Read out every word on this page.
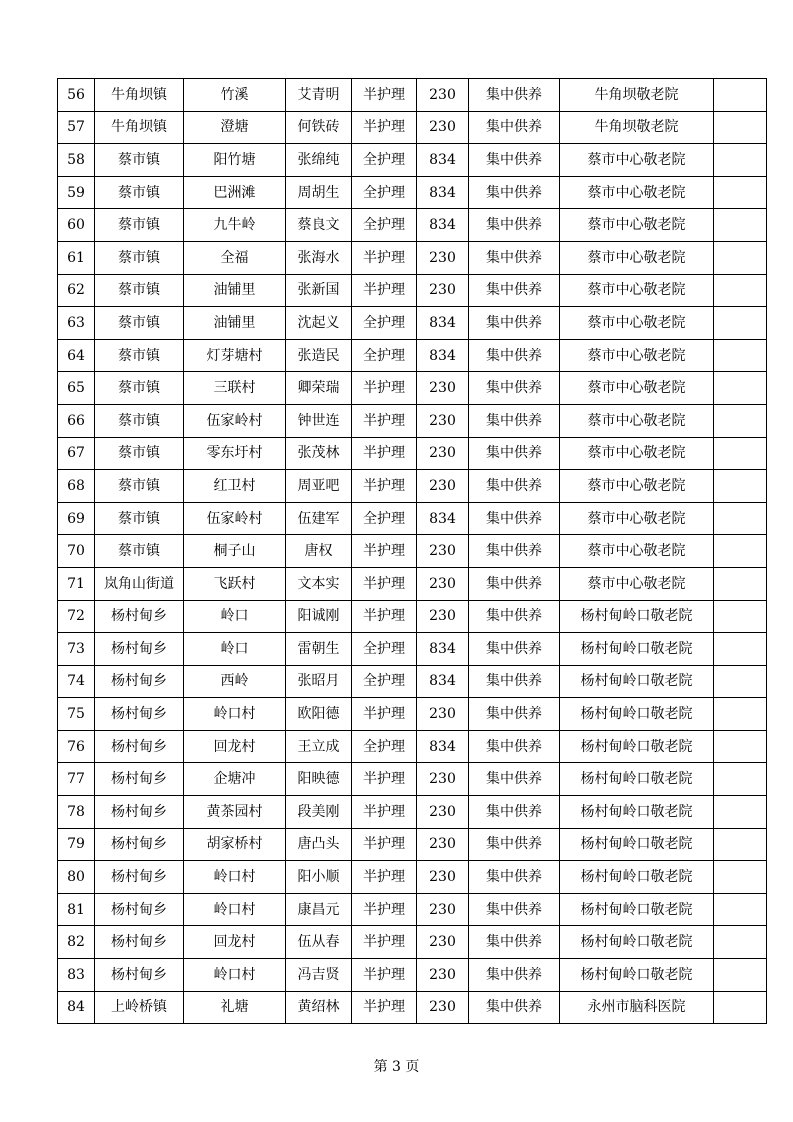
56	牛角坝镇	竹溪	艾青明	半护理	230	集中供养	牛角坝敬老院	
57	牛角坝镇	澄塘	何铁砖	半护理	230	集中供养	牛角坝敬老院	
58	蔡市镇	阳竹塘	张绵纯	全护理	834	集中供养	蔡市中心敬老院	
59	蔡市镇	巴洲滩	周胡生	全护理	834	集中供养	蔡市中心敬老院	
60	蔡市镇	九牛岭	蔡良文	全护理	834	集中供养	蔡市中心敬老院	
61	蔡市镇	全福	张海水	半护理	230	集中供养	蔡市中心敬老院	
62	蔡市镇	油铺里	张新国	半护理	230	集中供养	蔡市中心敬老院	
63	蔡市镇	油铺里	沈起义	全护理	834	集中供养	蔡市中心敬老院	
64	蔡市镇	灯芽塘村	张造民	全护理	834	集中供养	蔡市中心敬老院	
65	蔡市镇	三联村	卿荣瑞	半护理	230	集中供养	蔡市中心敬老院	
66	蔡市镇	伍家岭村	钟世连	半护理	230	集中供养	蔡市中心敬老院	
67	蔡市镇	零东圩村	张茂林	半护理	230	集中供养	蔡市中心敬老院	
68	蔡市镇	红卫村	周亚吧	半护理	230	集中供养	蔡市中心敬老院	
69	蔡市镇	伍家岭村	伍建军	全护理	834	集中供养	蔡市中心敬老院	
70	蔡市镇	桐子山	唐权	半护理	230	集中供养	蔡市中心敬老院	
71	岚角山街道	飞跃村	文本实	半护理	230	集中供养	蔡市中心敬老院	
72	杨村甸乡	岭口	阳诚刚	半护理	230	集中供养	杨村甸岭口敬老院	
73	杨村甸乡	岭口	雷朝生	全护理	834	集中供养	杨村甸岭口敬老院	
74	杨村甸乡	西岭	张昭月	全护理	834	集中供养	杨村甸岭口敬老院	
75	杨村甸乡	岭口村	欧阳德	半护理	230	集中供养	杨村甸岭口敬老院	
76	杨村甸乡	回龙村	王立成	全护理	834	集中供养	杨村甸岭口敬老院	
77	杨村甸乡	企塘冲	阳映德	半护理	230	集中供养	杨村甸岭口敬老院	
78	杨村甸乡	黄茶园村	段美刚	半护理	230	集中供养	杨村甸岭口敬老院	
79	杨村甸乡	胡家桥村	唐凸头	半护理	230	集中供养	杨村甸岭口敬老院	
80	杨村甸乡	岭口村	阳小顺	半护理	230	集中供养	杨村甸岭口敬老院	
81	杨村甸乡	岭口村	康昌元	半护理	230	集中供养	杨村甸岭口敬老院	
82	杨村甸乡	回龙村	伍从春	半护理	230	集中供养	杨村甸岭口敬老院	
83	杨村甸乡	岭口村	冯吉贤	半护理	230	集中供养	杨村甸岭口敬老院	
84	上岭桥镇	礼塘	黄绍林	半护理	230	集中供养	永州市脑科医院	
第 3 页
